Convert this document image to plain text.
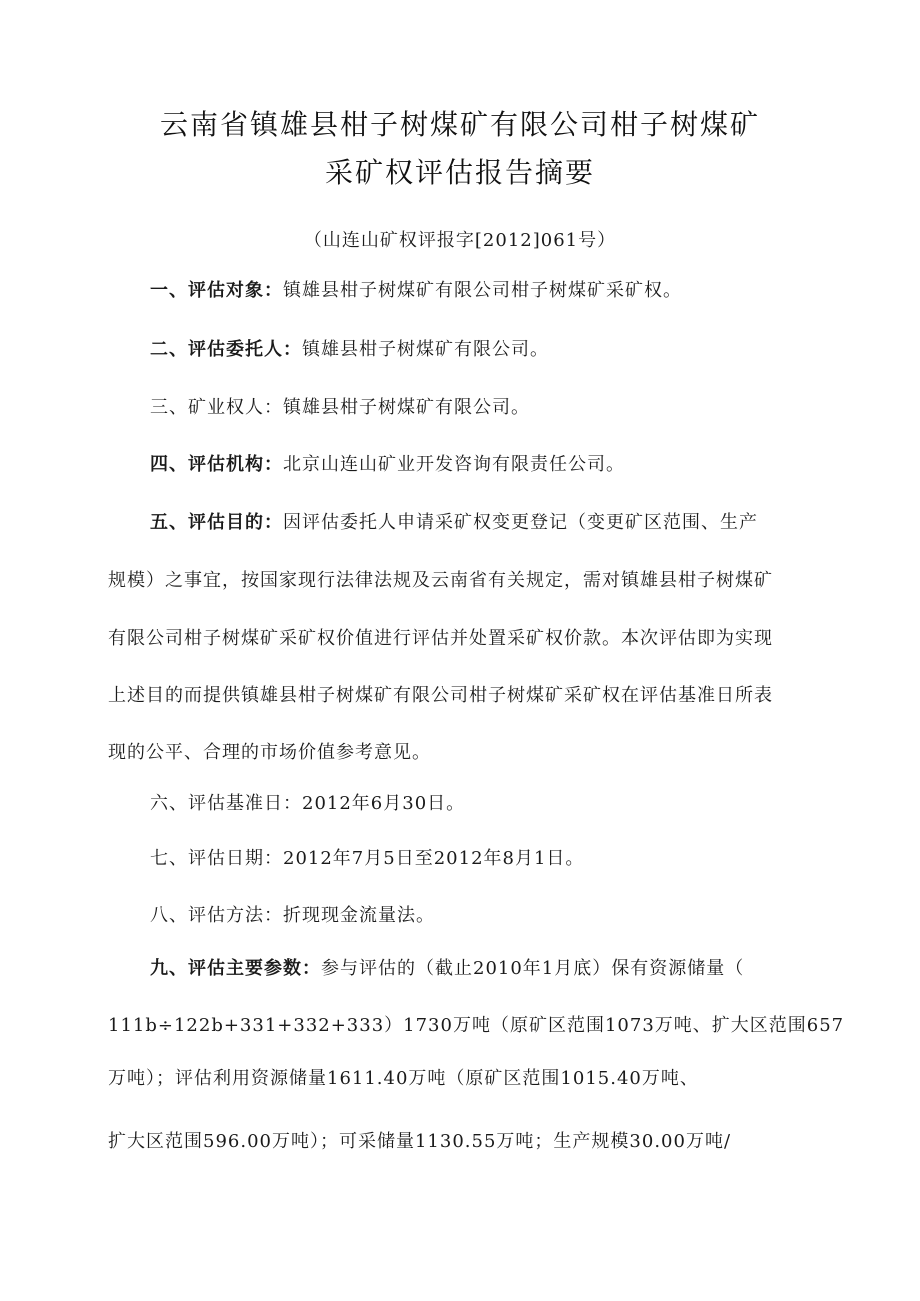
云南省镇雄县柑子树煤矿有限公司柑子树煤矿
采矿权评估报告摘要
（山连山矿权评报字[2012]061号）
一、评估对象：镇雄县柑子树煤矿有限公司柑子树煤矿采矿权。
二、评估委托人：镇雄县柑子树煤矿有限公司。
三、矿业权人：镇雄县柑子树煤矿有限公司。
四、评估机构：北京山连山矿业开发咨询有限责任公司。
五、评估目的：因评估委托人申请采矿权变更登记（变更矿区范围、生产
规模）之事宜，按国家现行法律法规及云南省有关规定，需对镇雄县柑子树煤矿
有限公司柑子树煤矿采矿权价值进行评估并处置采矿权价款。本次评估即为实现
上述目的而提供镇雄县柑子树煤矿有限公司柑子树煤矿采矿权在评估基准日所表
现的公平、合理的市场价值参考意见。
六、评估基准日：2012年6月30日。
七、评估日期：2012年7月5日至2012年8月1日。
八、评估方法：折现现金流量法。
九、评估主要参数：参与评估的（截止2010年1月底）保有资源储量（
111b÷122b+331+332+333）1730万吨（原矿区范围1073万吨、扩大区范围657
万吨）；评估利用资源储量1611.40万吨（原矿区范围1015.40万吨、
扩大区范围596.00万吨）；可采储量1130.55万吨；生产规模30.00万吨/
